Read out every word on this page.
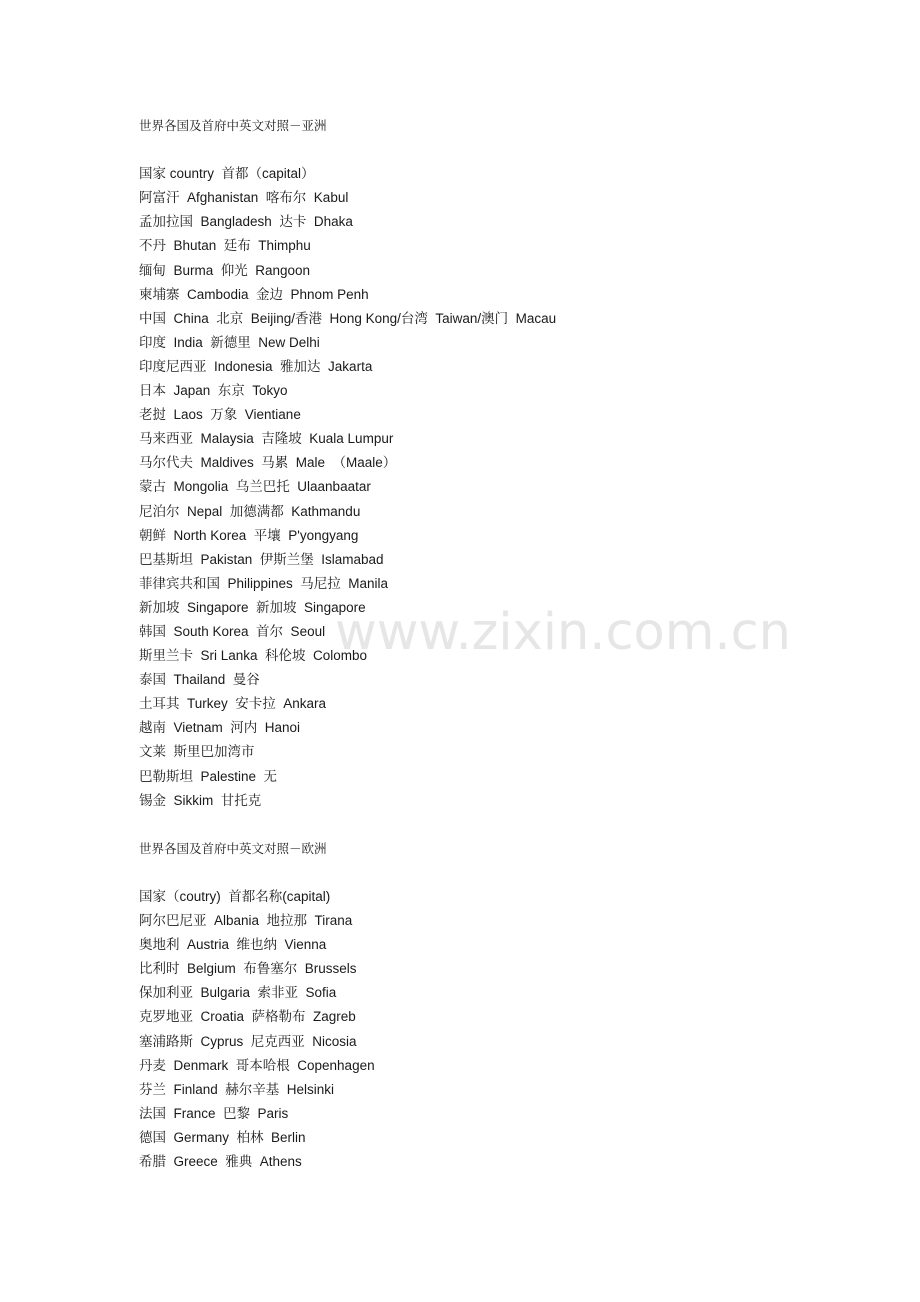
www.zixin.com.cn
世界各国及首府中英文对照－亚洲
国家 country  首都（capital）
阿富汗  Afghanistan  喀布尔  Kabul
孟加拉国  Bangladesh  达卡  Dhaka
不丹  Bhutan  廷布  Thimphu
缅甸  Burma  仰光  Rangoon
柬埔寨  Cambodia  金边  Phnom Penh
中国  China  北京  Beijing/香港  Hong Kong/台湾  Taiwan/澳门  Macau
印度  India  新德里  New Delhi
印度尼西亚  Indonesia  雅加达  Jakarta
日本  Japan  东京  Tokyo
老挝  Laos  万象  Vientiane
马来西亚  Malaysia  吉隆坡  Kuala Lumpur
马尔代夫  Maldives  马累  Male  （Maale）
蒙古  Mongolia  乌兰巴托  Ulaanbaatar
尼泊尔  Nepal  加德满都  Kathmandu
朝鲜  North Korea  平壤  P'yongyang
巴基斯坦  Pakistan  伊斯兰堡  Islamabad
菲律宾共和国  Philippines  马尼拉  Manila
新加坡  Singapore  新加坡  Singapore
韩国  South Korea  首尔  Seoul
斯里兰卡  Sri Lanka  科伦坡  Colombo
泰国  Thailand  曼谷
土耳其  Turkey  安卡拉  Ankara
越南  Vietnam  河内  Hanoi
文莱  斯里巴加湾市
巴勒斯坦  Palestine  无
锡金  Sikkim  甘托克
世界各国及首府中英文对照－欧洲
国家（coutry)  首都名称(capital)
阿尔巴尼亚  Albania  地拉那  Tirana
奥地利  Austria  维也纳  Vienna
比利时  Belgium  布鲁塞尔  Brussels
保加利亚  Bulgaria  索非亚  Sofia
克罗地亚  Croatia  萨格勒布  Zagreb
塞浦路斯  Cyprus  尼克西亚  Nicosia
丹麦  Denmark  哥本哈根  Copenhagen
芬兰  Finland  赫尔辛基  Helsinki
法国  France  巴黎  Paris
德国  Germany  柏林  Berlin
希腊  Greece  雅典  Athens
